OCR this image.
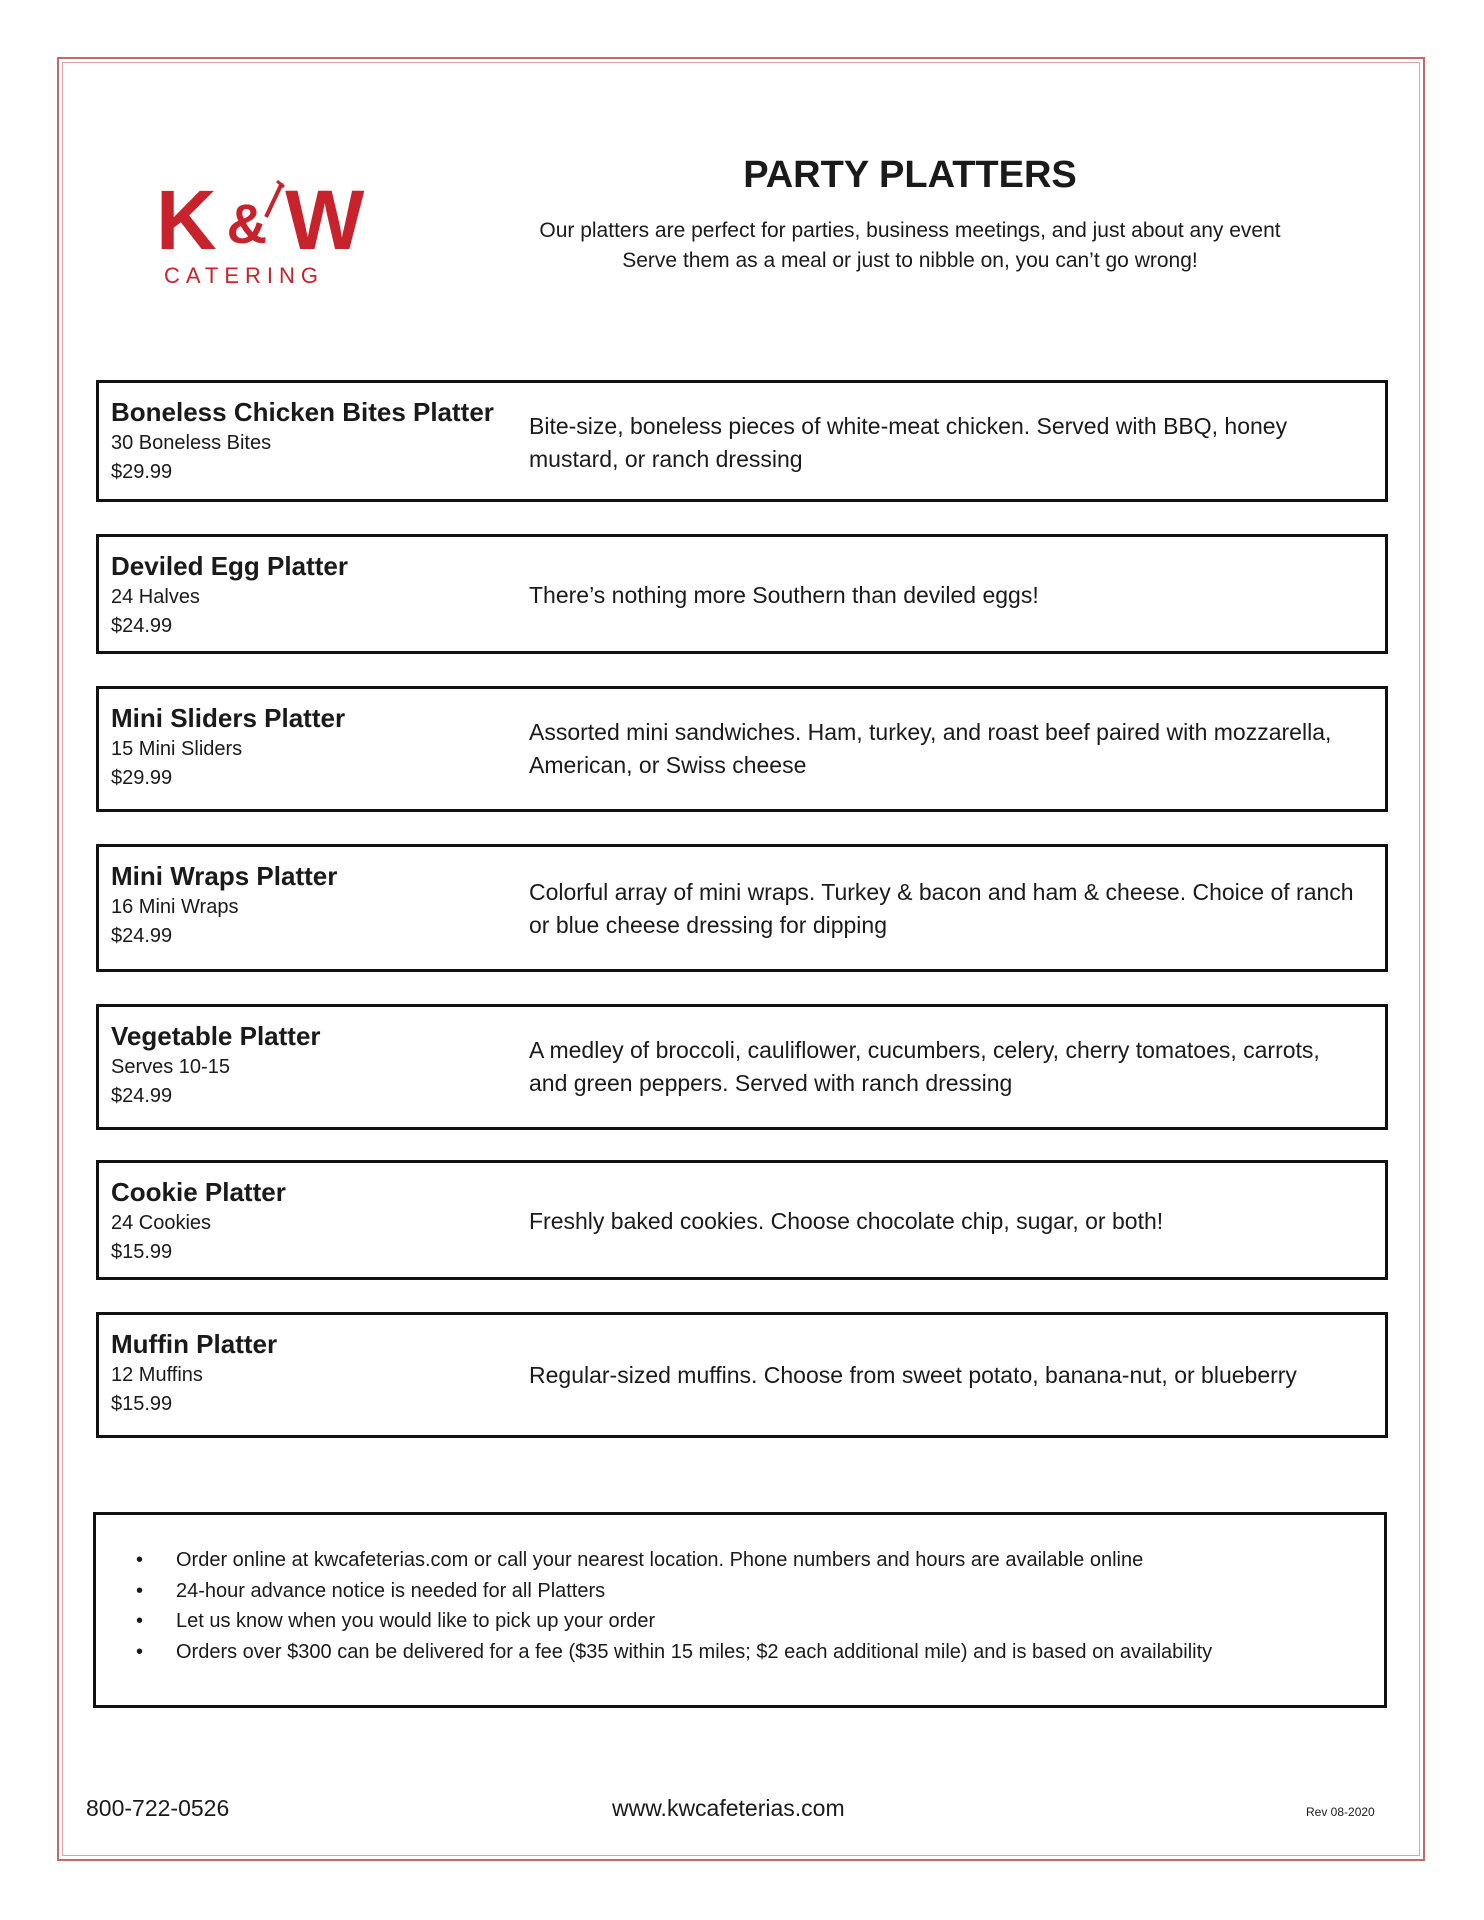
K & W
CATERING
PARTY PLATTERS
Our platters are perfect for parties, business meetings, and just about any event
Serve them as a meal or just to nibble on, you can’t go wrong!
Boneless Chicken Bites Platter
30 Boneless Bites
$29.99
Bite-size, boneless pieces of white-meat chicken. Served with BBQ, honey mustard, or ranch dressing
Deviled Egg Platter
24 Halves
$24.99
There’s nothing more Southern than deviled eggs!
Mini Sliders Platter
15 Mini Sliders
$29.99
Assorted mini sandwiches. Ham, turkey, and roast beef paired with mozzarella, American, or Swiss cheese
Mini Wraps Platter
16 Mini Wraps
$24.99
Colorful array of mini wraps. Turkey & bacon and ham & cheese. Choice of ranch or blue cheese dressing for dipping
Vegetable Platter
Serves 10-15
$24.99
A medley of broccoli, cauliflower, cucumbers, celery, cherry tomatoes, carrots, and green peppers. Served with ranch dressing
Cookie Platter
24 Cookies
$15.99
Freshly baked cookies. Choose chocolate chip, sugar, or both!
Muffin Platter
12 Muffins
$15.99
Regular-sized muffins. Choose from sweet potato, banana-nut, or blueberry
• Order online at kwcafeterias.com or call your nearest location. Phone numbers and hours are available online
• 24-hour advance notice is needed for all Platters
• Let us know when you would like to pick up your order
• Orders over $300 can be delivered for a fee ($35 within 15 miles; $2 each additional mile) and is based on availability
800-722-0526	www.kwcafeterias.com	Rev 08-2020
